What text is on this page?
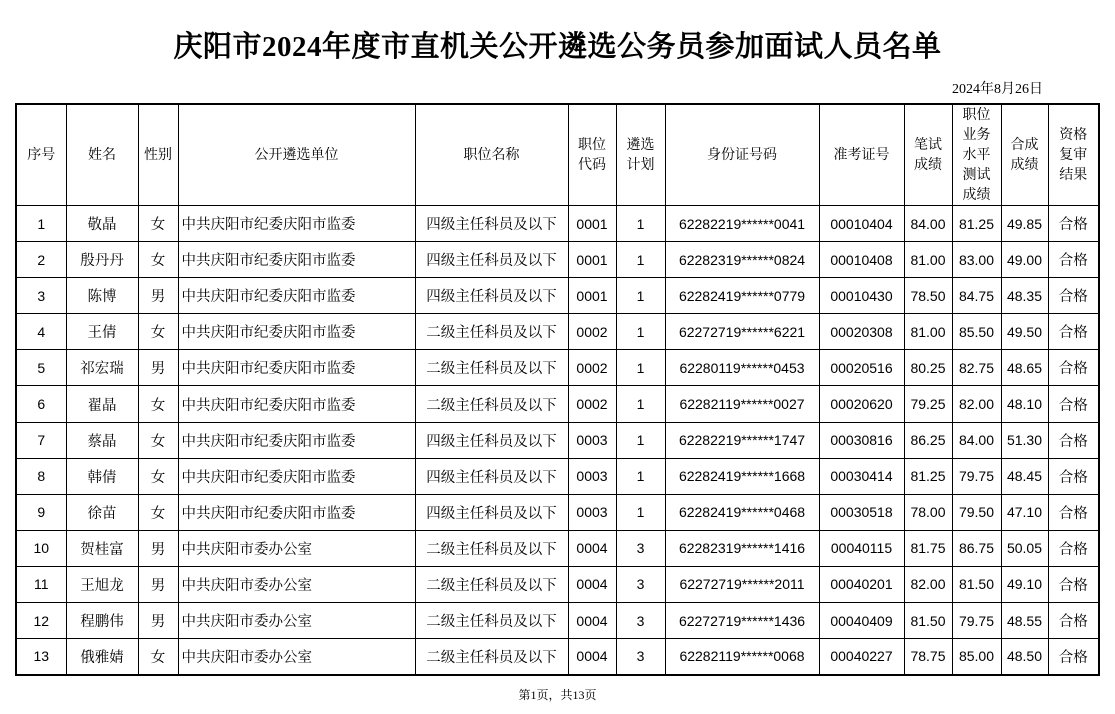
庆阳市2024年度市直机关公开遴选公务员参加面试人员名单
2024年8月26日
序号	姓名	性别	公开遴选单位	职位名称	职位代码	遴选计划	身份证号码	准考证号	笔试成绩	职位业务水平测试成绩	合成成绩	资格复审结果
1	敬晶	女	中共庆阳市纪委庆阳市监委	四级主任科员及以下	0001	1	62282219******0041	00010404	84.00	81.25	49.85	合格
2	殷丹丹	女	中共庆阳市纪委庆阳市监委	四级主任科员及以下	0001	1	62282319******0824	00010408	81.00	83.00	49.00	合格
3	陈博	男	中共庆阳市纪委庆阳市监委	四级主任科员及以下	0001	1	62282419******0779	00010430	78.50	84.75	48.35	合格
4	王倩	女	中共庆阳市纪委庆阳市监委	二级主任科员及以下	0002	1	62272719******6221	00020308	81.00	85.50	49.50	合格
5	祁宏瑞	男	中共庆阳市纪委庆阳市监委	二级主任科员及以下	0002	1	62280119******0453	00020516	80.25	82.75	48.65	合格
6	翟晶	女	中共庆阳市纪委庆阳市监委	二级主任科员及以下	0002	1	62282119******0027	00020620	79.25	82.00	48.10	合格
7	蔡晶	女	中共庆阳市纪委庆阳市监委	四级主任科员及以下	0003	1	62282219******1747	00030816	86.25	84.00	51.30	合格
8	韩倩	女	中共庆阳市纪委庆阳市监委	四级主任科员及以下	0003	1	62282419******1668	00030414	81.25	79.75	48.45	合格
9	徐苗	女	中共庆阳市纪委庆阳市监委	四级主任科员及以下	0003	1	62282419******0468	00030518	78.00	79.50	47.10	合格
10	贺桂富	男	中共庆阳市委办公室	二级主任科员及以下	0004	3	62282319******1416	00040115	81.75	86.75	50.05	合格
11	王旭龙	男	中共庆阳市委办公室	二级主任科员及以下	0004	3	62272719******2011	00040201	82.00	81.50	49.10	合格
12	程鹏伟	男	中共庆阳市委办公室	二级主任科员及以下	0004	3	62272719******1436	00040409	81.50	79.75	48.55	合格
13	俄雅婧	女	中共庆阳市委办公室	二级主任科员及以下	0004	3	62282119******0068	00040227	78.75	85.00	48.50	合格
第1页，共13页
